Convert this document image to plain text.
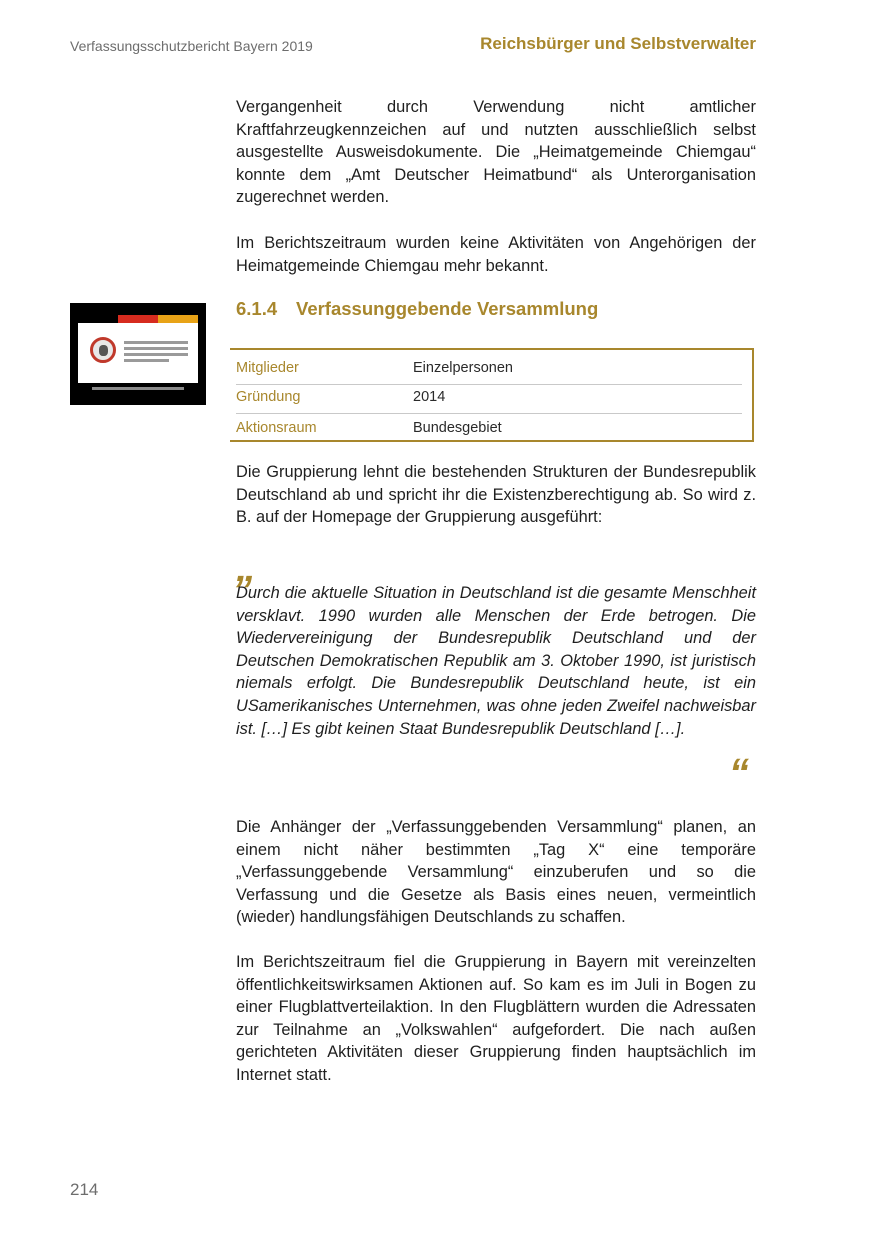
Verfassungsschutzbericht Bayern 2019	Reichsbürger und Selbstverwalter

Vergangenheit durch Verwendung nicht amtlicher Kraftfahrzeugkennzeichen auf und nutzten ausschließlich selbst ausgestellte Ausweisdokumente. Die „Heimatgemeinde Chiemgau“ konnte dem „Amt Deutscher Heimatbund“ als Unterorganisation zugerechnet werden.

Im Berichtszeitraum wurden keine Aktivitäten von Angehörigen der Heimatgemeinde Chiemgau mehr bekannt.

6.1.4 Verfassunggebende Versammlung
Mitglieder	Einzelpersonen
Gründung	2014
Aktionsraum	Bundesgebiet

Die Gruppierung lehnt die bestehenden Strukturen der Bundesrepublik Deutschland ab und spricht ihr die Existenzberechtigung ab. So wird z. B. auf der Homepage der Gruppierung ausgeführt:

„

Durch die aktuelle Situation in Deutschland ist die gesamte Menschheit versklavt. 1990 wurden alle Menschen der Erde betrogen. Die Wiedervereinigung der Bundesrepublik Deutschland und der Deutschen Demokratischen Republik am 3. Oktober 1990, ist juristisch niemals erfolgt. Die Bundesrepublik Deutschland heute, ist ein USamerikanisches Unternehmen, was ohne jeden Zweifel nachweisbar ist. […] Es gibt keinen Staat Bundesrepublik Deutschland […].

“

Die Anhänger der „Verfassunggebenden Versammlung“ planen, an einem nicht näher bestimmten „Tag X“ eine temporäre „Verfassunggebende Versammlung“ einzuberufen und so die Verfassung und die Gesetze als Basis eines neuen, vermeintlich (wieder) handlungsfähigen Deutschlands zu schaffen.

Im Berichtszeitraum fiel die Gruppierung in Bayern mit vereinzelten öffentlichkeitswirksamen Aktionen auf. So kam es im Juli in Bogen zu einer Flugblattverteilaktion. In den Flugblättern wurden die Adressaten zur Teilnahme an „Volkswahlen“ aufgefordert. Die nach außen gerichteten Aktivitäten dieser Gruppierung finden hauptsächlich im Internet statt.

214
